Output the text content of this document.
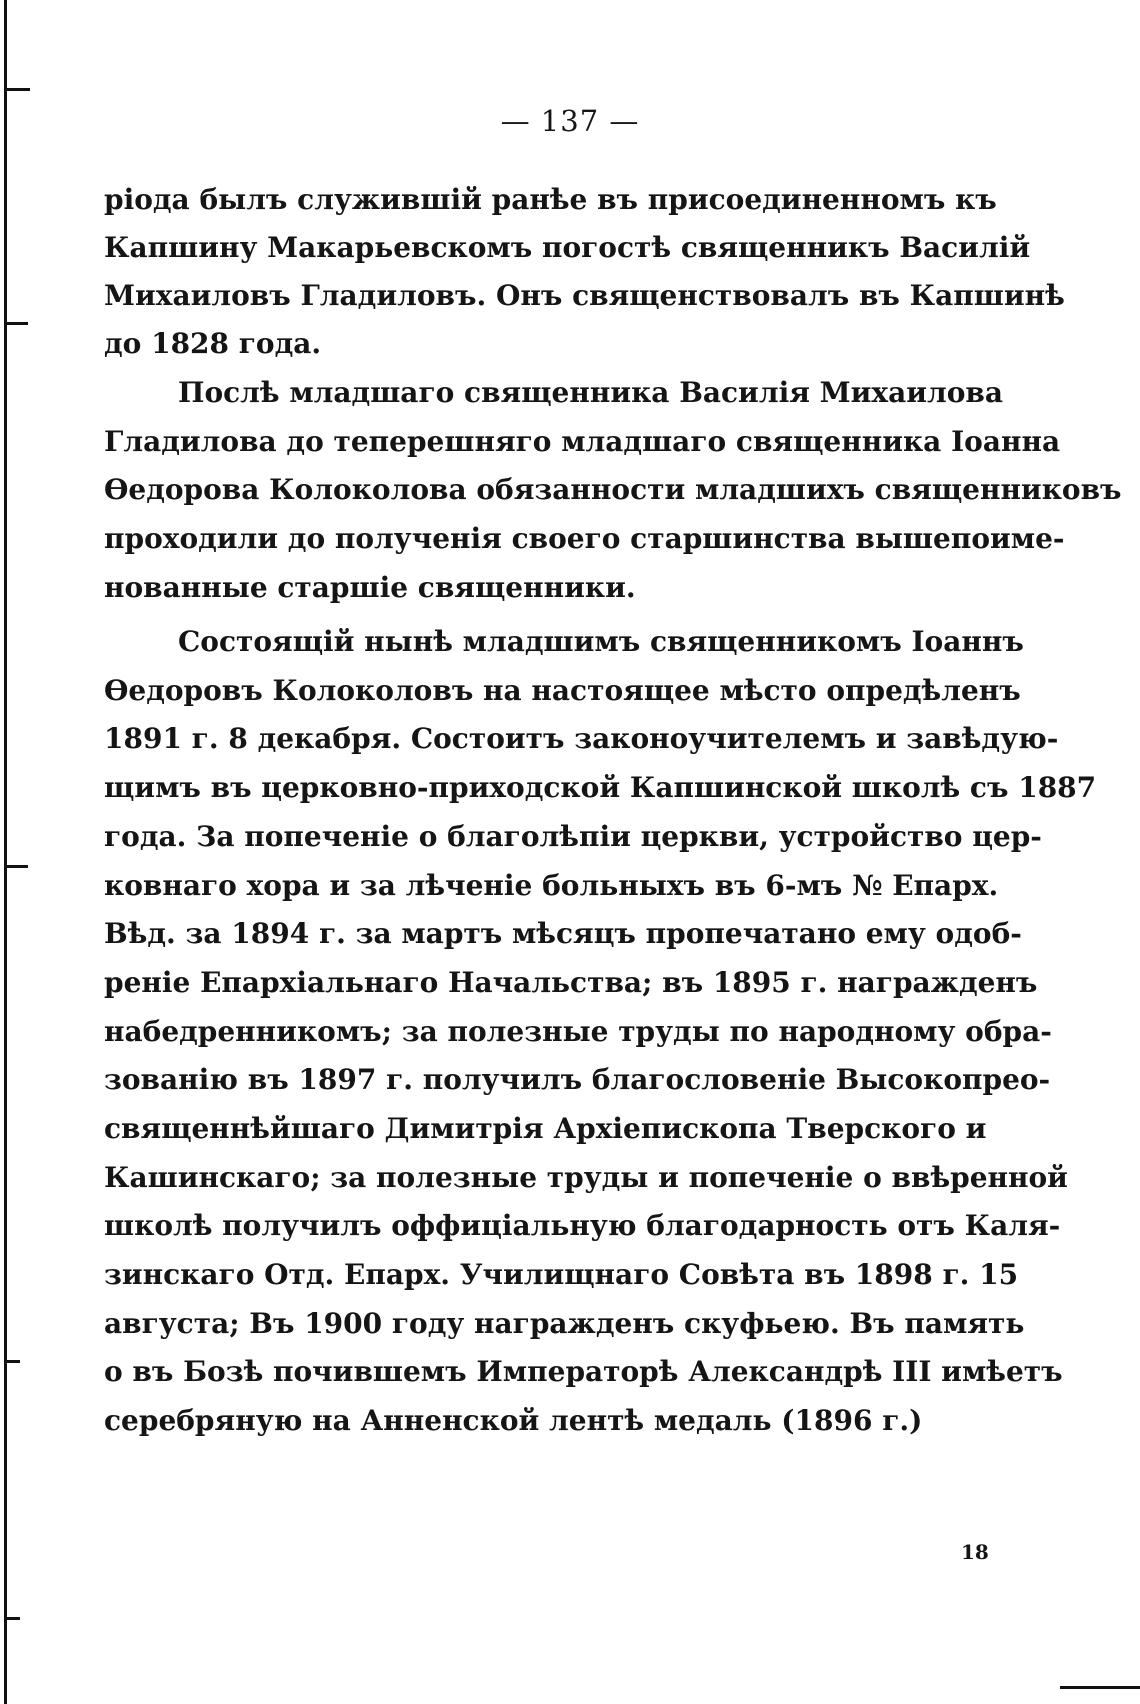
— 137 —
ріода былъ служившій ранѣе въ присоединенномъ къ
Капшину Макарьевскомъ погостѣ священникъ Василій
Михаиловъ Гладиловъ. Онъ священствовалъ въ Капшинѣ
до 1828 года.
Послѣ младшаго священника Василія Михаилова
Гладилова до теперешняго младшаго священника Іоанна
Ѳедорова Колоколова обязанности младшихъ священниковъ
проходили до полученія своего старшинства вышепоиме-
нованные старшіе священники.
Состоящій нынѣ младшимъ священникомъ Іоаннъ
Ѳедоровъ Колоколовъ на настоящее мѣсто опредѣленъ
1891 г. 8 декабря. Состоитъ законоучителемъ и завѣдую-
щимъ въ церковно-приходской Капшинской школѣ съ 1887
года. За попеченіе о благолѣпіи церкви, устройство цер-
ковнаго хора и за лѣченіе больныхъ въ 6-мъ № Епарх.
Вѣд. за 1894 г. за мартъ мѣсяцъ пропечатано ему одоб-
реніе Епархіальнаго Начальства; въ 1895 г. награжденъ
набедренникомъ; за полезные труды по народному обра-
зованію въ 1897 г. получилъ благословеніе Высокопрео-
священнѣйшаго Димитрія Архіепископа Тверского и
Кашинскаго; за полезные труды и попеченіе о ввѣренной
школѣ получилъ оффиціальную благодарность отъ Каля-
зинскаго Отд. Епарх. Училищнаго Совѣта въ 1898 г. 15
августа; Въ 1900 году награжденъ скуфьею. Въ память
о въ Бозѣ почившемъ Императорѣ Александрѣ III имѣетъ
серебряную на Анненской лентѣ медаль (1896 г.)
18
